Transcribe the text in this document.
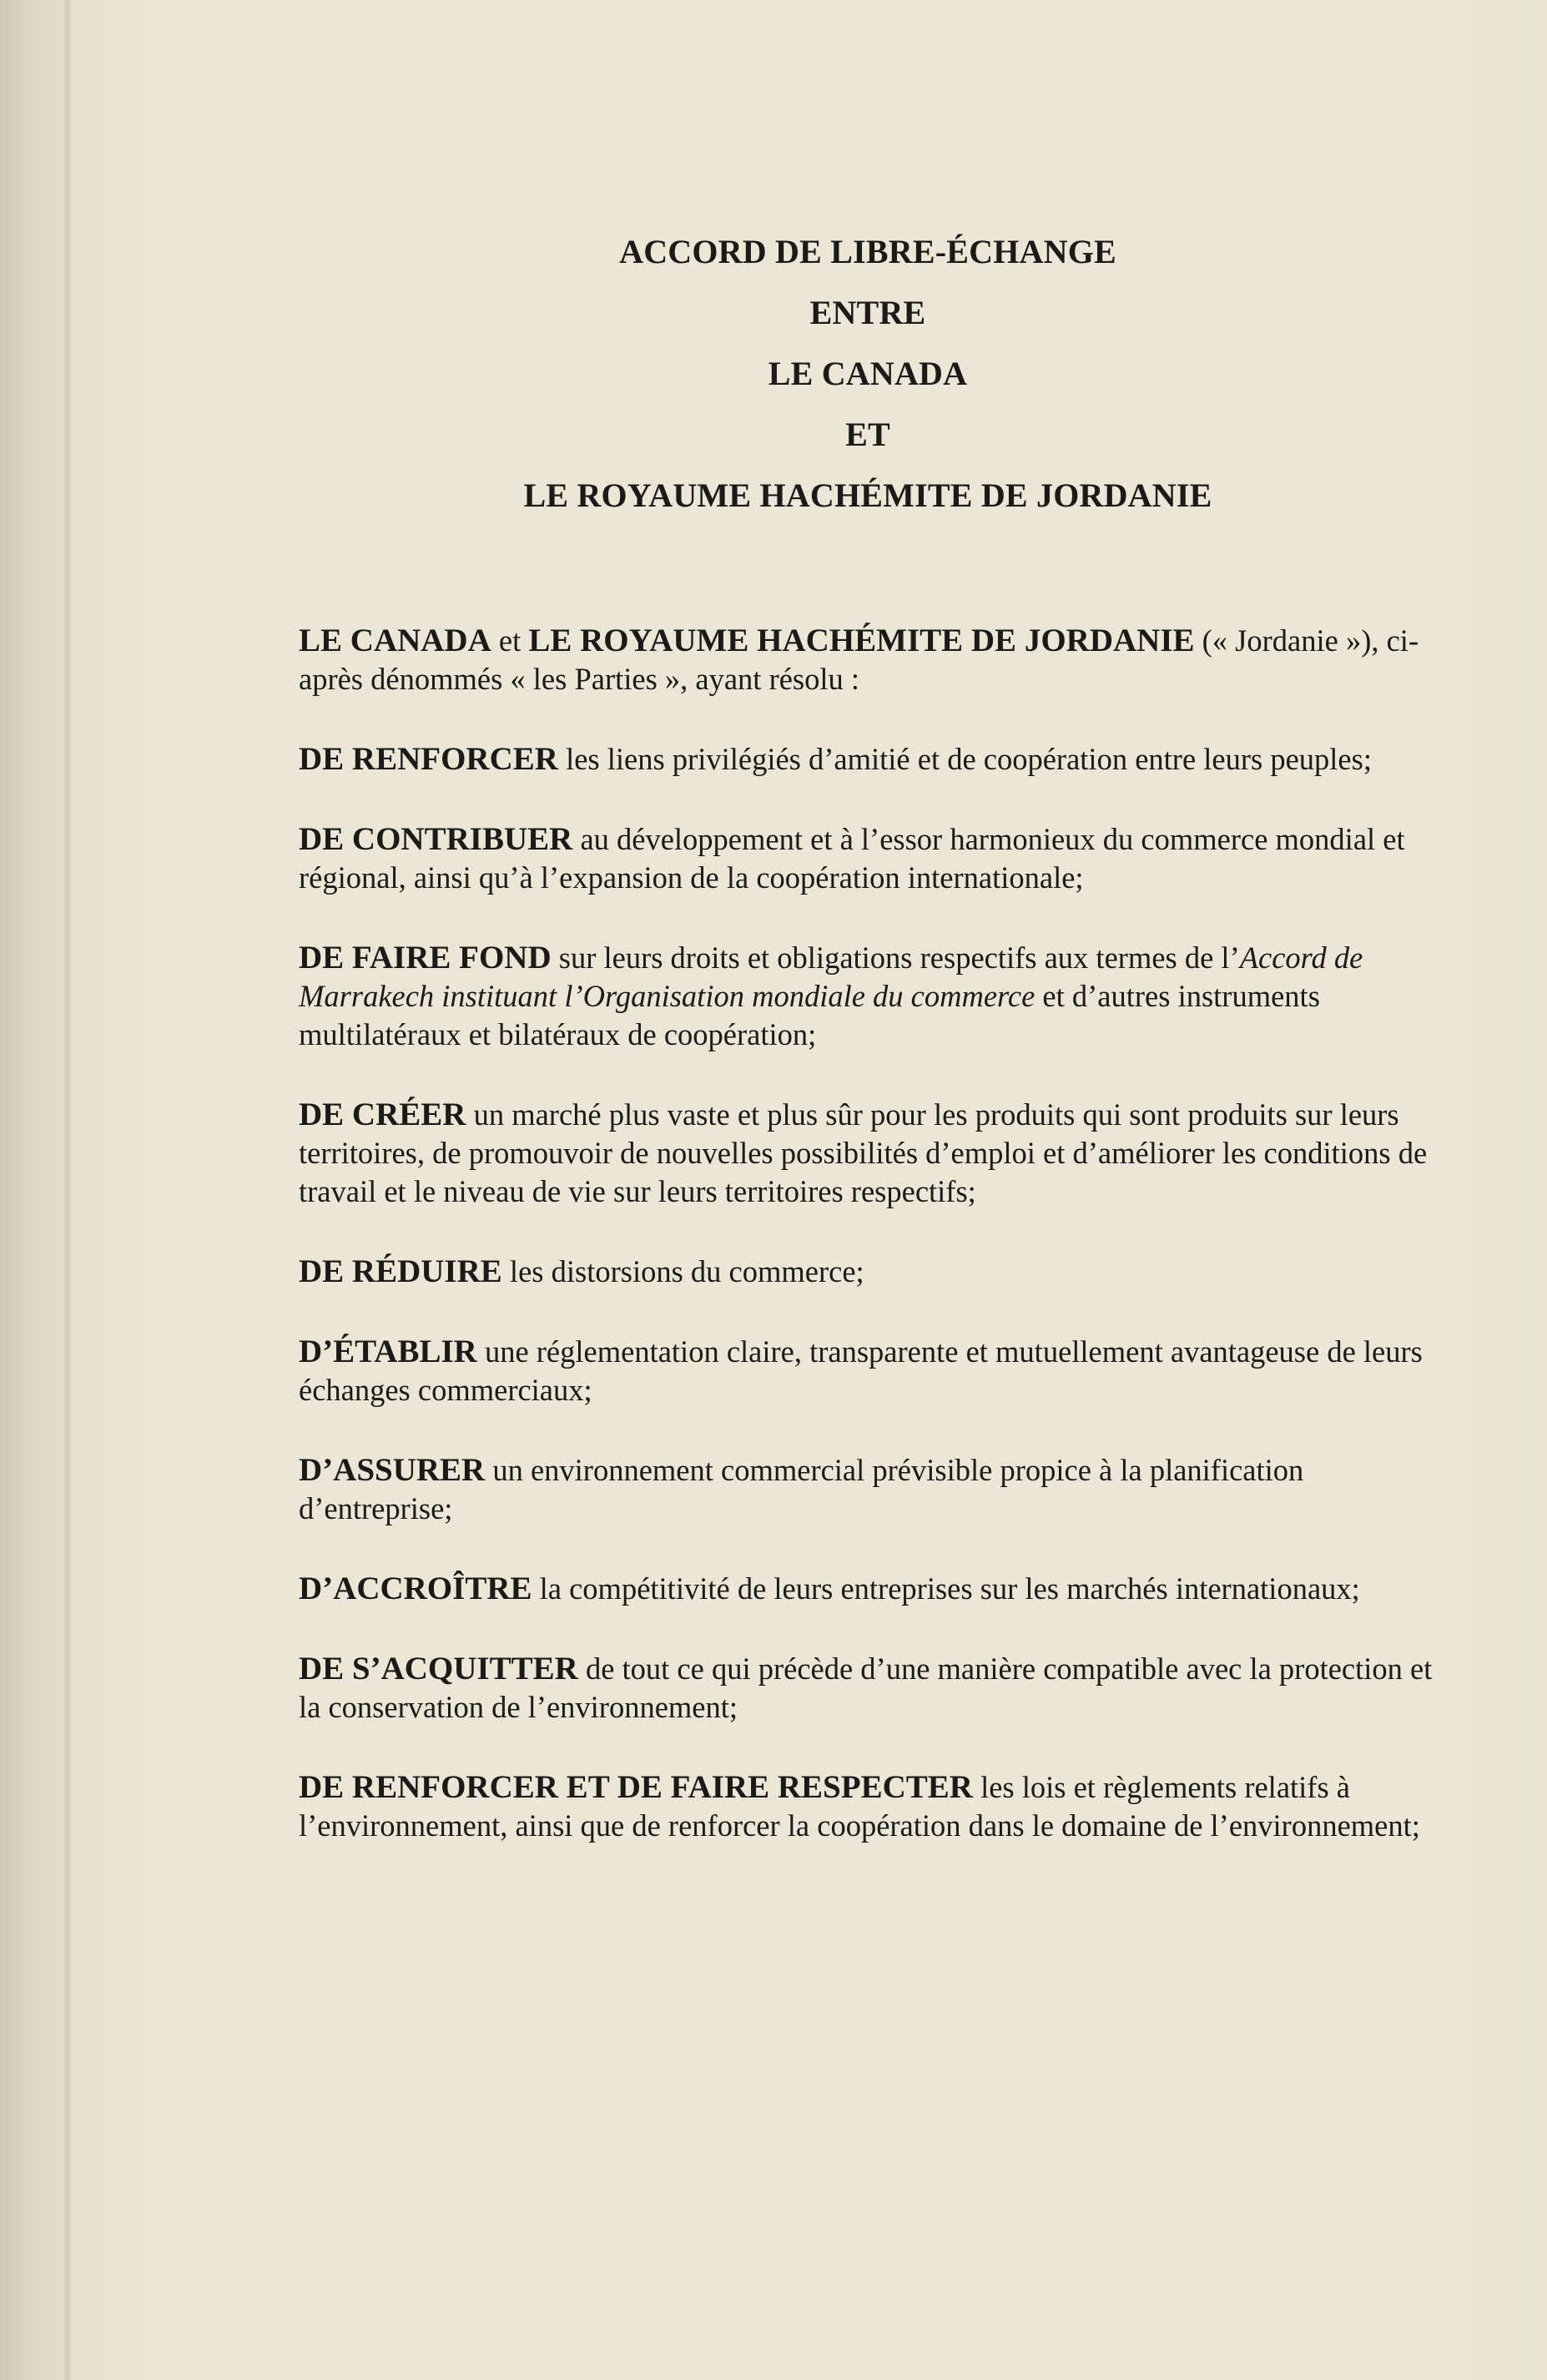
ACCORD DE LIBRE-ÉCHANGE
ENTRE
LE CANADA
ET
LE ROYAUME HACHÉMITE DE JORDANIE

LE CANADA et LE ROYAUME HACHÉMITE DE JORDANIE (« Jordanie »), ci-après dénommés « les Parties », ayant résolu :

DE RENFORCER les liens privilégiés d’amitié et de coopération entre leurs peuples;

DE CONTRIBUER au développement et à l’essor harmonieux du commerce mondial et régional, ainsi qu’à l’expansion de la coopération internationale;

DE FAIRE FOND sur leurs droits et obligations respectifs aux termes de l’Accord de Marrakech instituant l’Organisation mondiale du commerce et d’autres instruments multilatéraux et bilatéraux de coopération;

DE CRÉER un marché plus vaste et plus sûr pour les produits qui sont produits sur leurs territoires, de promouvoir de nouvelles possibilités d’emploi et d’améliorer les conditions de travail et le niveau de vie sur leurs territoires respectifs;

DE RÉDUIRE les distorsions du commerce;

D’ÉTABLIR une réglementation claire, transparente et mutuellement avantageuse de leurs échanges commerciaux;

D’ASSURER un environnement commercial prévisible propice à la planification d’entreprise;

D’ACCROÎTRE la compétitivité de leurs entreprises sur les marchés internationaux;

DE S’ACQUITTER de tout ce qui précède d’une manière compatible avec la protection et la conservation de l’environnement;

DE RENFORCER ET DE FAIRE RESPECTER les lois et règlements relatifs à l’environnement, ainsi que de renforcer la coopération dans le domaine de l’environnement;
